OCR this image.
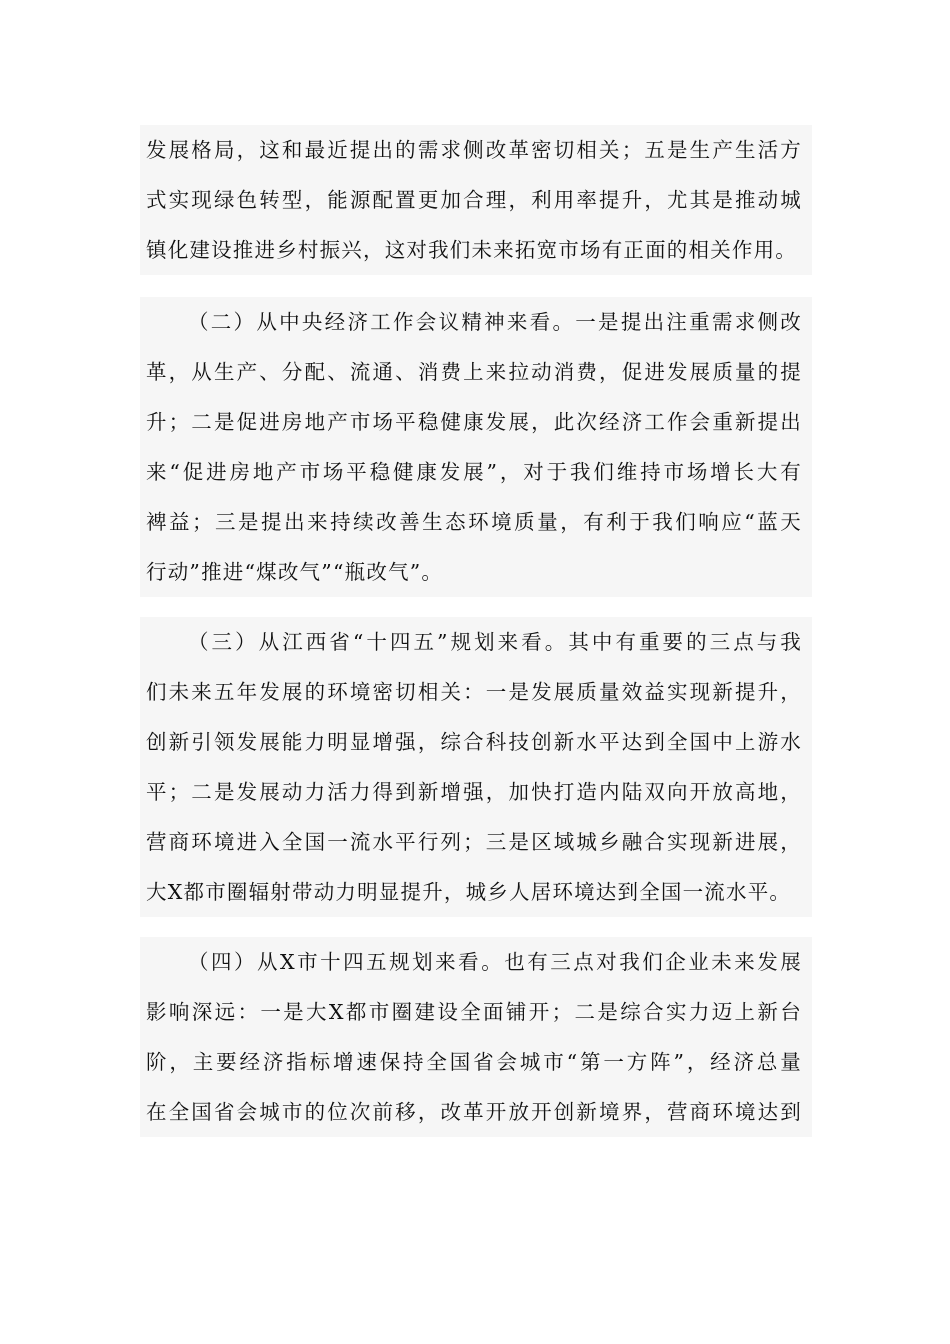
发展格局，这和最近提出的需求侧改革密切相关；五是生产生活方
式实现绿色转型，能源配置更加合理，利用率提升，尤其是推动城
镇化建设推进乡村振兴，这对我们未来拓宽市场有正面的相关作用。
（二）从中央经济工作会议精神来看。一是提出注重需求侧改
革，从生产、分配、流通、消费上来拉动消费，促进发展质量的提
升；二是促进房地产市场平稳健康发展，此次经济工作会重新提出
来“促进房地产市场平稳健康发展”，对于我们维持市场增长大有
裨益；三是提出来持续改善生态环境质量，有利于我们响应“蓝天
行动”推进“煤改气”“瓶改气”。
（三）从江西省“十四五”规划来看。其中有重要的三点与我
们未来五年发展的环境密切相关：一是发展质量效益实现新提升，
创新引领发展能力明显增强，综合科技创新水平达到全国中上游水
平；二是发展动力活力得到新增强，加快打造内陆双向开放高地，
营商环境进入全国一流水平行列；三是区域城乡融合实现新进展，
大X都市圈辐射带动力明显提升，城乡人居环境达到全国一流水平。
（四）从X市十四五规划来看。也有三点对我们企业未来发展
影响深远：一是大X都市圈建设全面铺开；二是综合实力迈上新台
阶，主要经济指标增速保持全国省会城市“第一方阵”，经济总量
在全国省会城市的位次前移，改革开放开创新境界，营商环境达到
